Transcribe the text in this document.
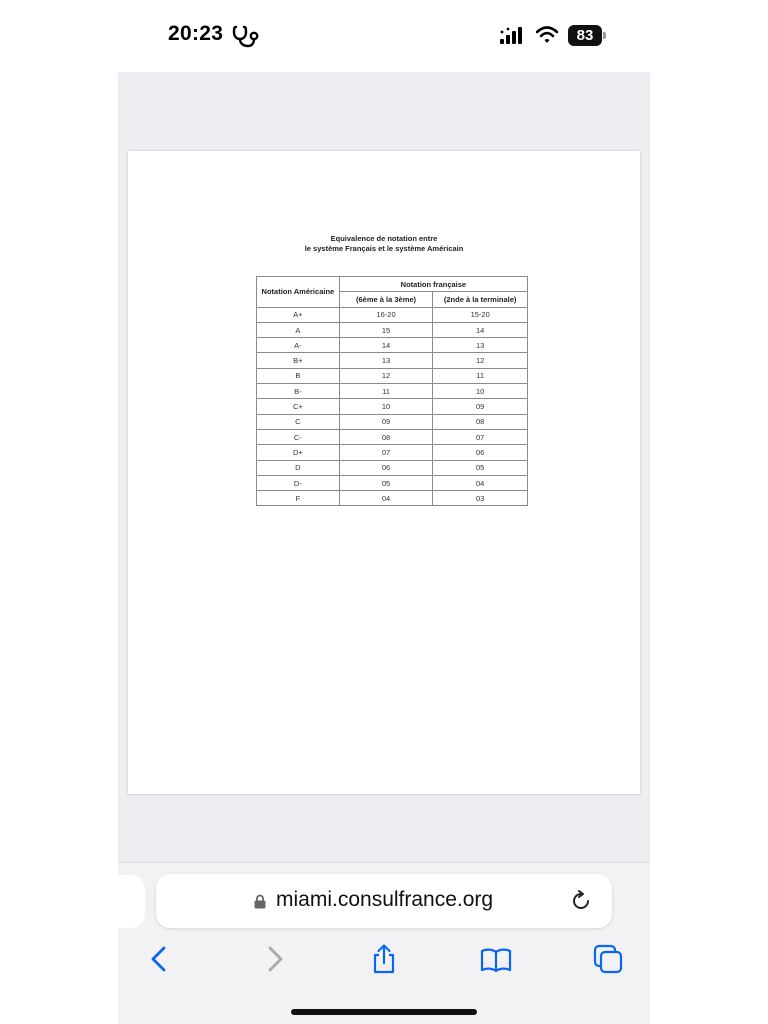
20:23	83
Equivalence de notation entre
le système Français et le système Américain
Notation Américaine	Notation française	
	(6ème à la 3ème)	(2nde à la terminale)
A+	16-20	15-20
A	15	14
A-	14	13
B+	13	12
B	12	11
B-	11	10
C+	10	09
C	09	08
C-	08	07
D+	07	06
D	06	05
D-	05	04
F	04	03
miami.consulfrance.org
